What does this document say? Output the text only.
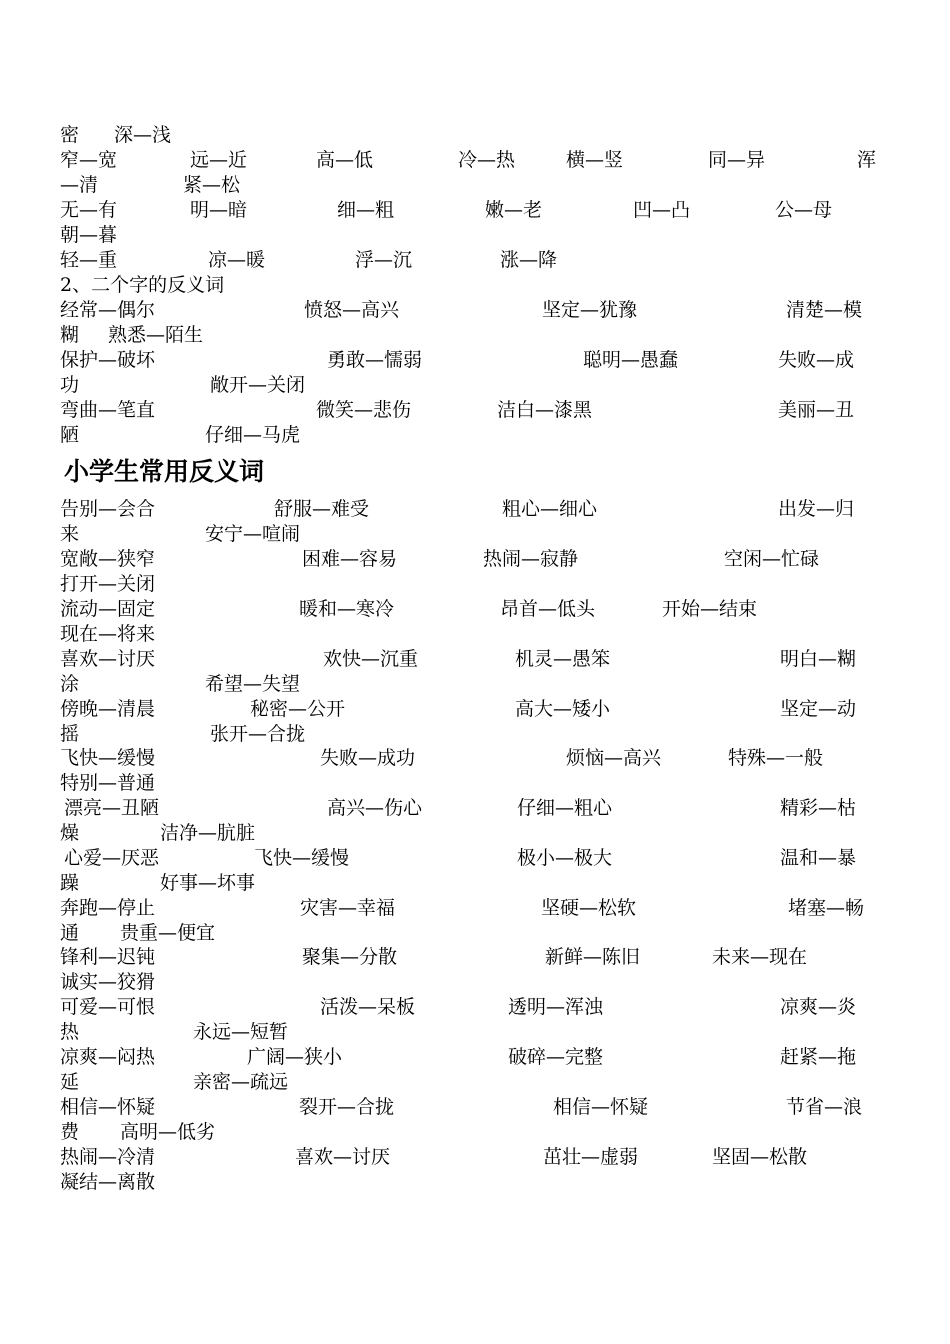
密 深—浅
窄—宽	远—近	高—低	冷—热	横—竖	同—异	浑
—清	紧—松
无—有	明—暗	细—粗	嫩—老	凹—凸	公—母
朝—暮
轻—重	凉—暖	浮—沉	涨—降
2、二个字的反义词
经常—偶尔	愤怒—高兴	坚定—犹豫	清楚—模
糊 熟悉—陌生
保护—破坏	勇敢—懦弱	聪明—愚蠢	失败—成
功	敞开—关闭
弯曲—笔直	微笑—悲伤	洁白—漆黑	美丽—丑
陋	仔细—马虎
小学生常用反义词
告别—会合	舒服—难受	粗心—细心	出发—归
来	安宁—喧闹
宽敞—狭窄	困难—容易	热闹—寂静	空闲—忙碌
打开—关闭
流动—固定	暖和—寒冷	昂首—低头	开始—结束
现在—将来
喜欢—讨厌	欢快—沉重	机灵—愚笨	明白—糊
涂	希望—失望
傍晚—清晨	秘密—公开	高大—矮小	坚定—动
摇	张开—合拢
飞快—缓慢	失败—成功	烦恼—高兴	特殊—一般
特别—普通
漂亮—丑陋	高兴—伤心	仔细—粗心	精彩—枯
燥	洁净—肮脏
心爱—厌恶	飞快—缓慢	极小—极大	温和—暴
躁	好事—坏事
奔跑—停止	灾害—幸福	坚硬—松软	堵塞—畅
通 贵重—便宜
锋利—迟钝	聚集—分散	新鲜—陈旧	未来—现在
诚实—狡猾
可爱—可恨	活泼—呆板	透明—浑浊	凉爽—炎
热	永远—短暂
凉爽—闷热	广阔—狭小	破碎—完整	赶紧—拖
延	亲密—疏远
相信—怀疑	裂开—合拢	相信—怀疑	节省—浪
费 高明—低劣
热闹—冷清	喜欢—讨厌	茁壮—虚弱	坚固—松散
凝结—离散
